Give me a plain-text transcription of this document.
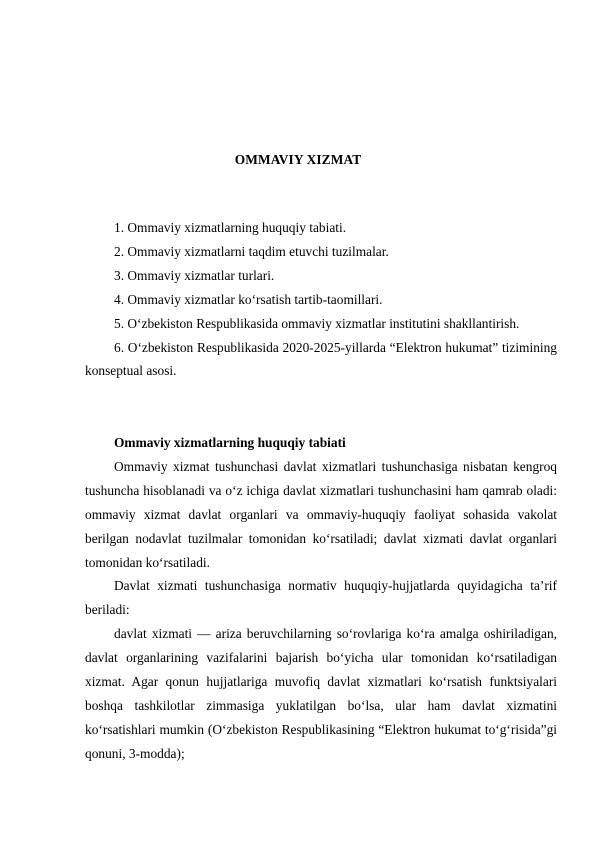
OMMAVIY XIZMAT

1. Ommaviy xizmatlarning huquqiy tabiati.

2. Ommaviy xizmatlarni taqdim etuvchi tuzilmalar.

3. Ommaviy xizmatlar turlari.

4. Ommaviy xizmatlar ko‘rsatish tartib-taomillari.

5. O‘zbekiston Respublikasida ommaviy xizmatlar institutini shakllantirish.

6. O‘zbekiston Respublikasida 2020-2025-yillarda “Elektron hukumat” tizimining konseptual asosi.

Ommaviy xizmatlarning huquqiy tabiati

Ommaviy xizmat tushunchasi davlat xizmatlari tushunchasiga nisbatan kengroq tushuncha hisoblanadi va o‘z ichiga davlat xizmatlari tushunchasini ham qamrab oladi: ommaviy xizmat davlat organlari va ommaviy-huquqiy faoliyat sohasida vakolat berilgan nodavlat tuzilmalar tomonidan ko‘rsatiladi; davlat xizmati davlat organlari tomonidan ko‘rsatiladi.

Davlat xizmati tushunchasiga normativ huquqiy-hujjatlarda quyidagicha ta’rif beriladi:

davlat xizmati — ariza beruvchilarning so‘rovlariga ko‘ra amalga oshiriladigan, davlat organlarining vazifalarini bajarish bo‘yicha ular tomonidan ko‘rsatiladigan xizmat. Agar qonun hujjatlariga muvofiq davlat xizmatlari ko‘rsatish funktsiyalari boshqa tashkilotlar zimmasiga yuklatilgan bo‘lsa, ular ham davlat xizmatini ko‘rsatishlari mumkin (O‘zbekiston Respublikasining “Elektron hukumat to‘g‘risida”gi qonuni, 3-modda);
